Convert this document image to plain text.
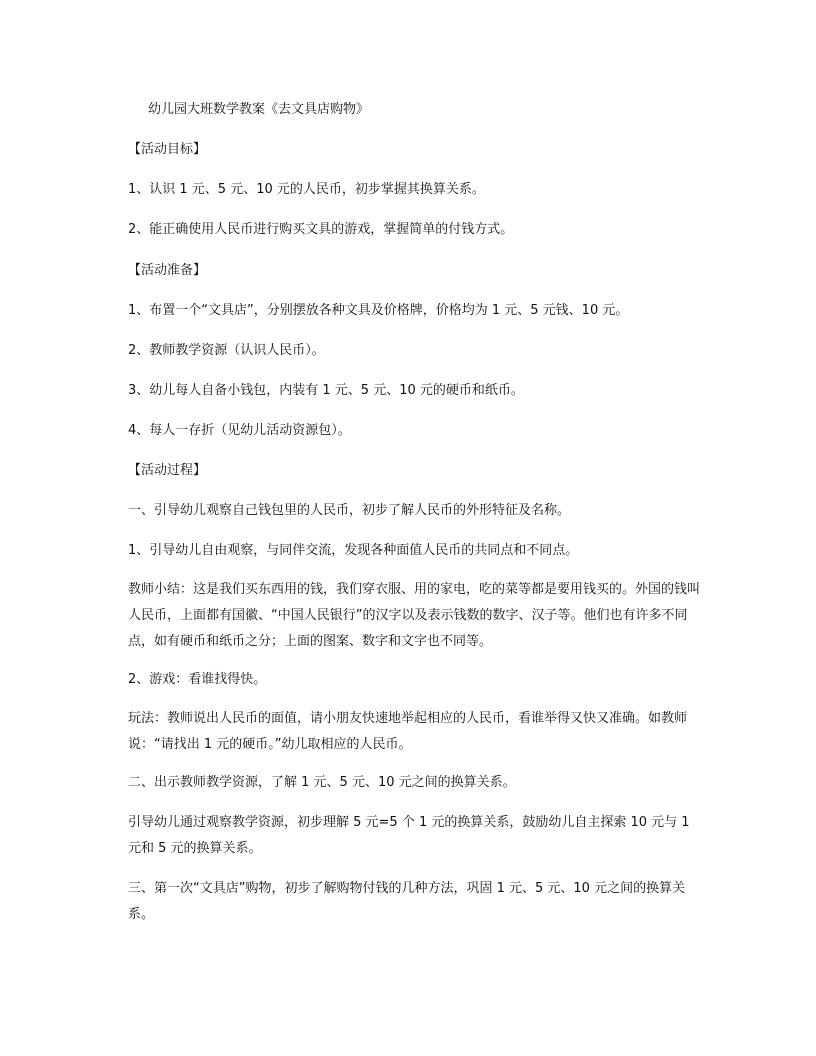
幼儿园大班数学教案《去文具店购物》
【活动目标】
1、认识 1 元、5 元、10 元的人民币，初步掌握其换算关系。
2、能正确使用人民币进行购买文具的游戏，掌握简单的付钱方式。
【活动准备】
1、布置一个“文具店”，分别摆放各种文具及价格牌，价格均为 1 元、5 元钱、10 元。
2、教师教学资源（认识人民币）。
3、幼儿每人自备小钱包，内装有 1 元、5 元、10 元的硬币和纸币。
4、每人一存折（见幼儿活动资源包）。
【活动过程】
一、引导幼儿观察自己钱包里的人民币，初步了解人民币的外形特征及名称。
1、引导幼儿自由观察，与同伴交流，发现各种面值人民币的共同点和不同点。
教师小结：这是我们买东西用的钱，我们穿衣服、用的家电，吃的菜等都是要用钱买的。外国的钱叫人民币，上面都有国徽、“中国人民银行”的汉字以及表示钱数的数字、汉子等。他们也有许多不同点，如有硬币和纸币之分；上面的图案、数字和文字也不同等。
2、游戏：看谁找得快。
玩法：教师说出人民币的面值，请小朋友快速地举起相应的人民币，看谁举得又快又准确。如教师说：“请找出 1 元的硬币。”幼儿取相应的人民币。
二、出示教师教学资源，了解 1 元、5 元、10 元之间的换算关系。
引导幼儿通过观察教学资源，初步理解 5 元=5 个 1 元的换算关系，鼓励幼儿自主探索 10 元与 1 元和 5 元的换算关系。
三、第一次“文具店”购物，初步了解购物付钱的几种方法，巩固 1 元、5 元、10 元之间的换算关系。
